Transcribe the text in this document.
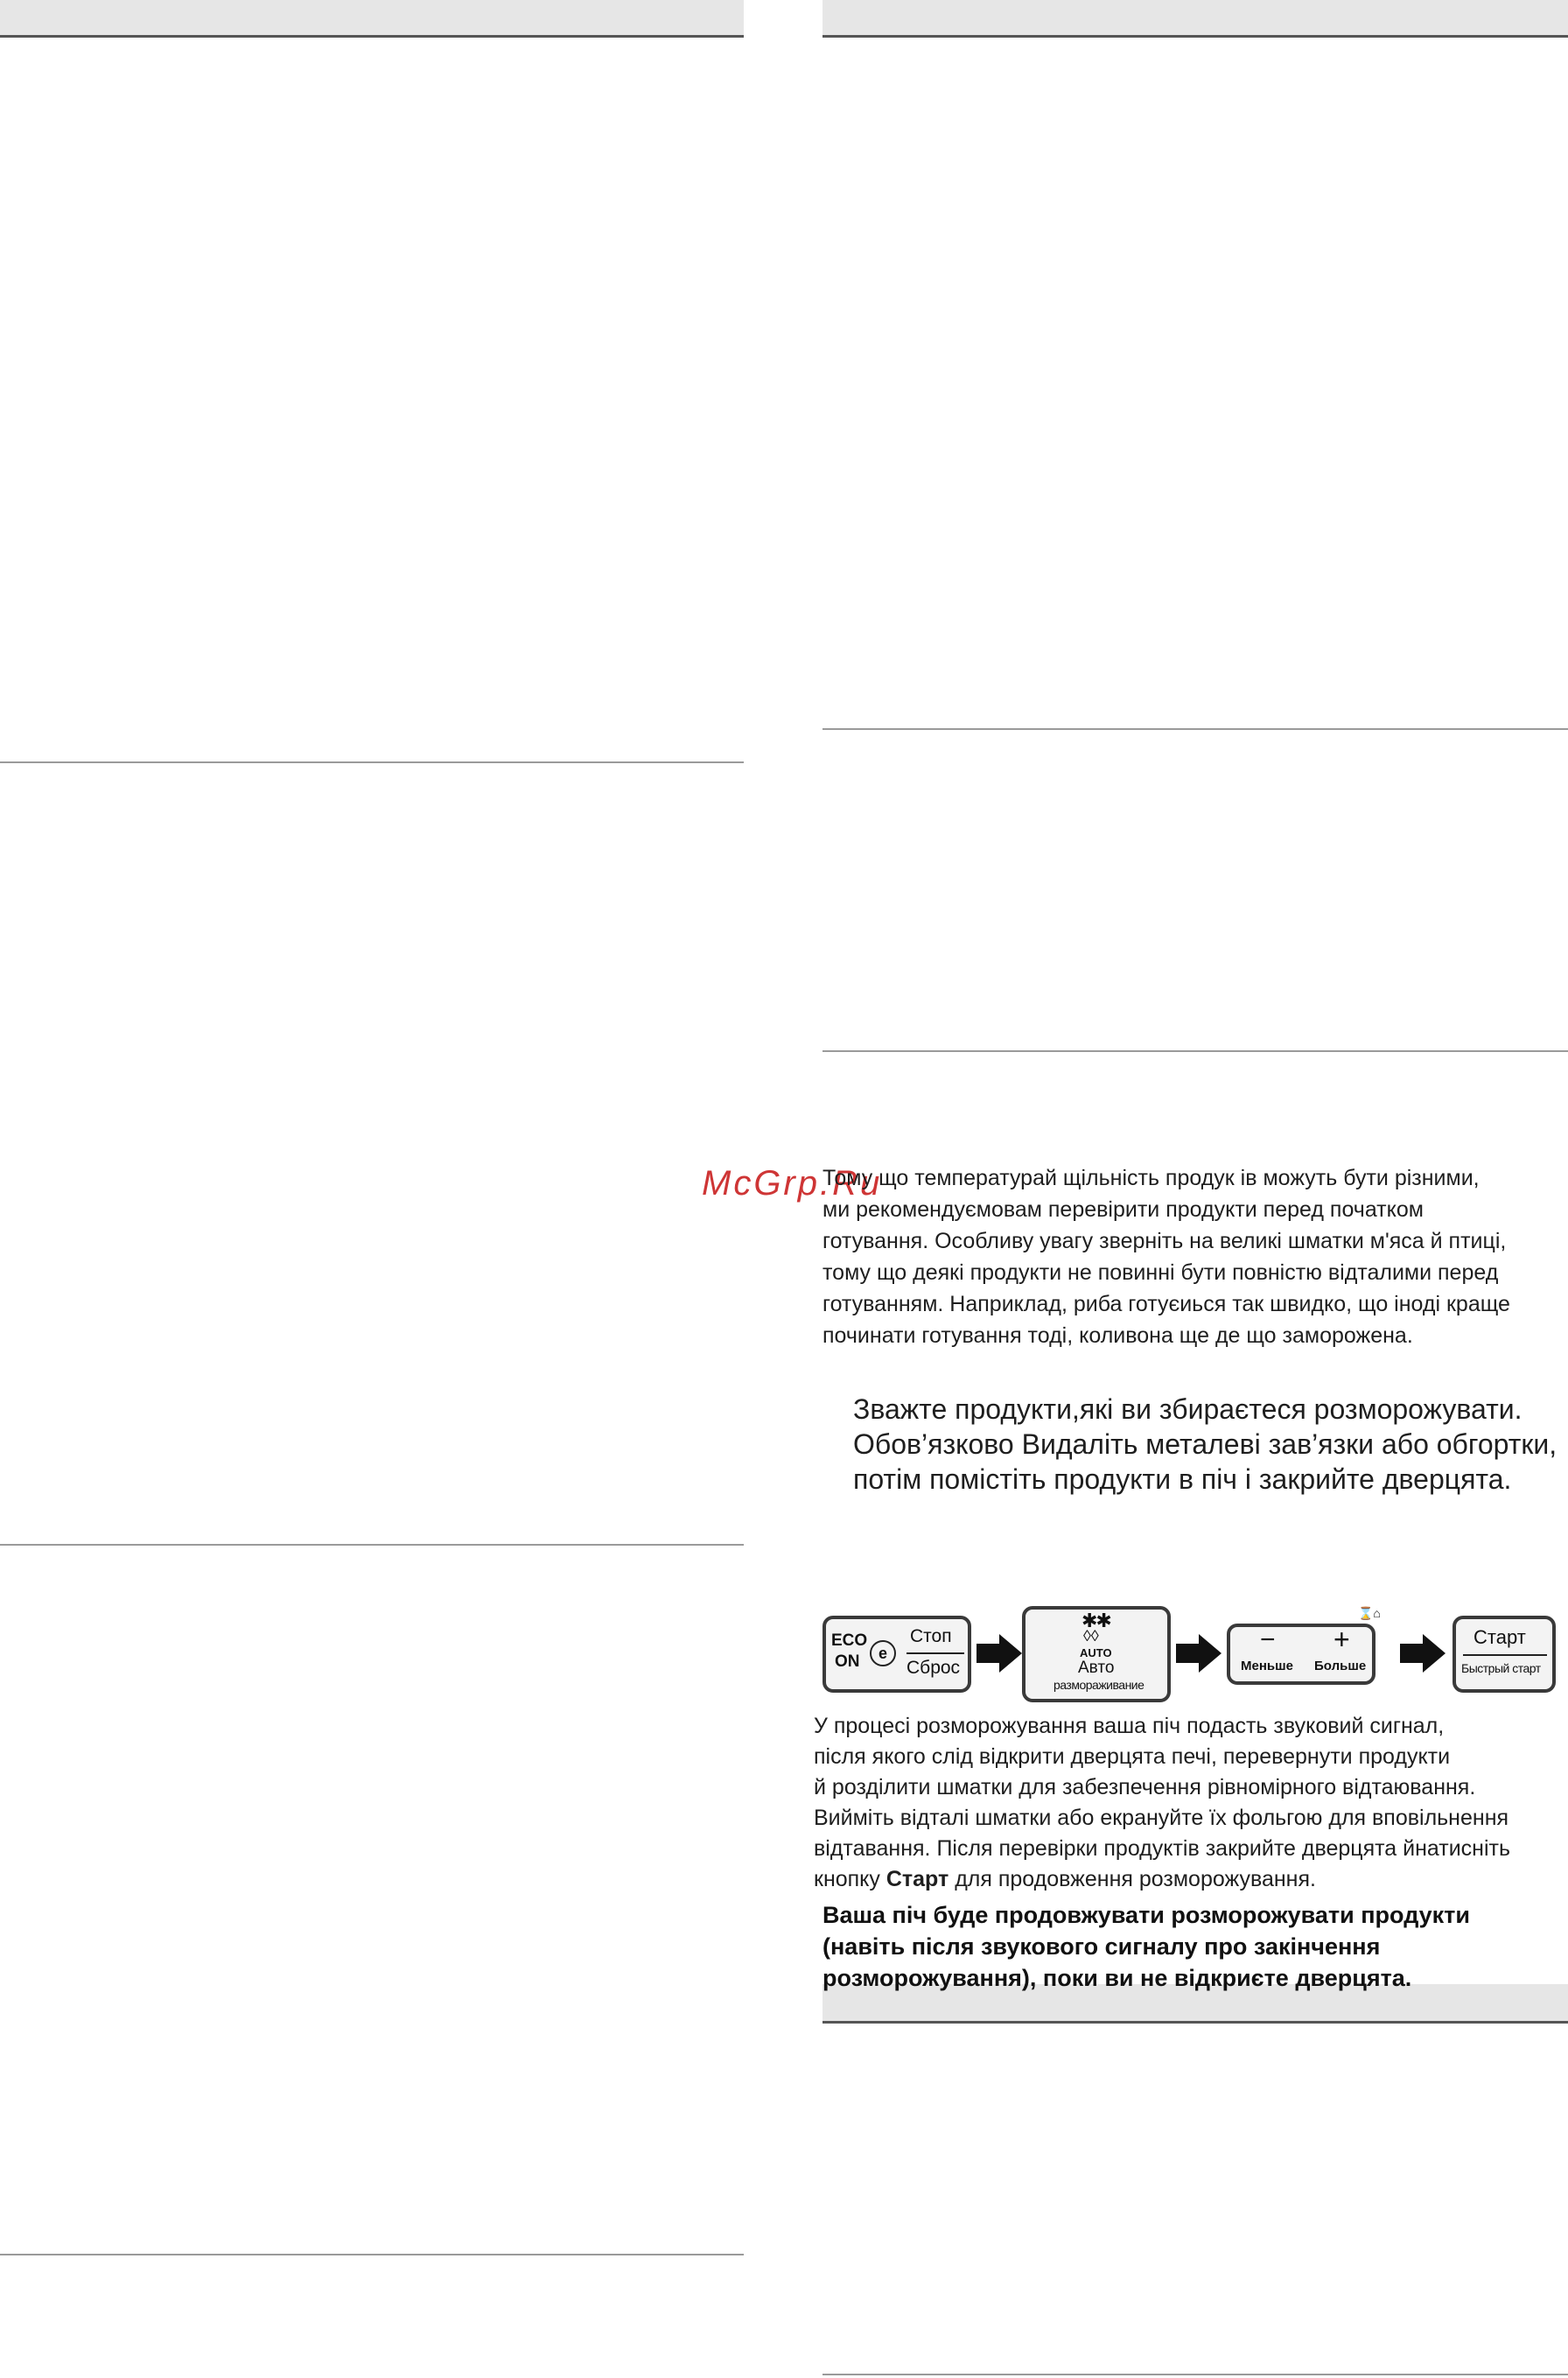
McGrp.Ru
Тому що температурай щільність продук ів можуть бути різними,
ми рекомендуємовам перевірити продукти перед початком
готування. Особливу увагу зверніть на великі шматки м'яса й птиці,
тому що деякі продукти не повинні бути повністю відталими перед
готуванням. Наприклад, риба готуєиься так швидко, що іноді краще
починати готування тоді, коливона ще де що заморожена.
Зважте продукти,які ви збираєтеся розморожувати.
Обов’язково Видаліть металеві зав’язки або обгортки,
потім помістіть продукти в піч і закрийте дверцята.
ECO
ON	e
Стоп
Сброс
✱✱
◊◊
AUTO
Авто
размораживание
⌛⌂
− +
Меньше Больше
Старт
Быстрый старт
У процесі розморожування ваша піч подасть звуковий сигнал,
після якого слід відкрити дверцята печі, перевернути продукти
й розділити шматки для забезпечення рівномірного відтаювання.
Вийміть відталі шматки або екрануйте їх фольгою для вповільнення
відтавання. Після перевірки продуктів закрийте дверцята йнатисніть
кнопку Старт для продовження розморожування.
Ваша піч буде продовжувати розморожувати продукти
(навіть після звукового сигналу про закінчення
розморожування), поки ви не відкриєте дверцята.
